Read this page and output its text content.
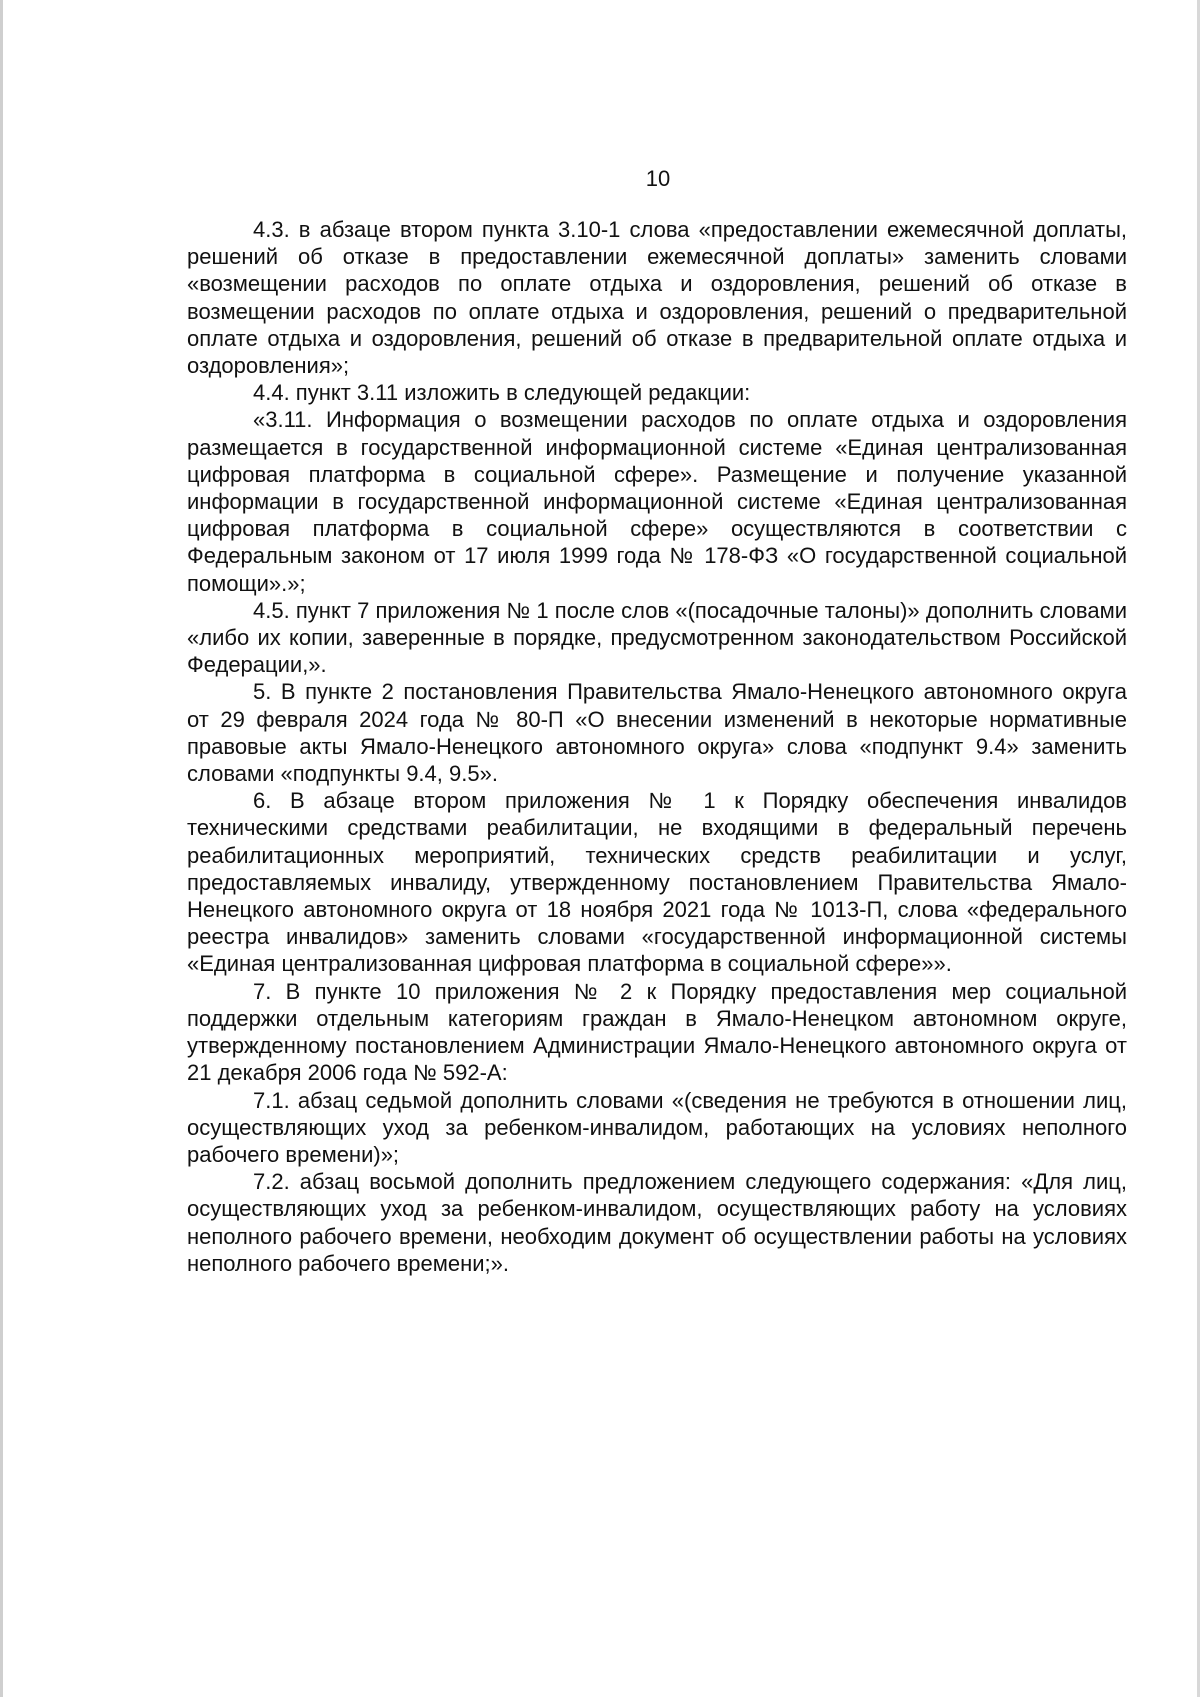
10

4.3. в абзаце втором пункта 3.10-1 слова «предоставлении ежемесячной доплаты, решений об отказе в предоставлении ежемесячной доплаты» заменить словами «возмещении расходов по оплате отдыха и оздоровления, решений об отказе в возмещении расходов по оплате отдыха и оздоровления, решений о предварительной оплате отдыха и оздоровления, решений об отказе в предварительной оплате отдыха и оздоровления»;

4.4. пункт 3.11 изложить в следующей редакции:

«3.11. Информация о возмещении расходов по оплате отдыха и оздоровления размещается в государственной информационной системе «Единая централизованная цифровая платформа в социальной сфере». Размещение и получение указанной информации в государственной информационной системе «Единая централизованная цифровая платформа в социальной сфере» осуществляются в соответствии с Федеральным законом от 17 июля 1999 года № 178-ФЗ «О государственной социальной помощи».»;

4.5. пункт 7 приложения № 1 после слов «(посадочные талоны)» дополнить словами «либо их копии, заверенные в порядке, предусмотренном законодательством Российской Федерации,».

5. В пункте 2 постановления Правительства Ямало-Ненецкого автономного округа от 29 февраля 2024 года № 80-П «О внесении изменений в некоторые нормативные правовые акты Ямало-Ненецкого автономного округа» слова «подпункт 9.4» заменить словами «подпункты 9.4, 9.5».

6. В абзаце втором приложения № 1 к Порядку обеспечения инвалидов техническими средствами реабилитации, не входящими в федеральный перечень реабилитационных мероприятий, технических средств реабилитации и услуг, предоставляемых инвалиду, утвержденному постановлением Правительства Ямало-Ненецкого автономного округа от 18 ноября 2021 года № 1013-П, слова «федерального реестра инвалидов» заменить словами «государственной информационной системы «Единая централизованная цифровая платформа в социальной сфере»».

7. В пункте 10 приложения № 2 к Порядку предоставления мер социальной поддержки отдельным категориям граждан в Ямало-Ненецком автономном округе, утвержденному постановлением Администрации Ямало-Ненецкого автономного округа от 21 декабря 2006 года № 592-А:

7.1. абзац седьмой дополнить словами «(сведения не требуются в отношении лиц, осуществляющих уход за ребенком-инвалидом, работающих на условиях неполного рабочего времени)»;

7.2. абзац восьмой дополнить предложением следующего содержания: «Для лиц, осуществляющих уход за ребенком-инвалидом, осуществляющих работу на условиях неполного рабочего времени, необходим документ об осуществлении работы на условиях неполного рабочего времени;».
